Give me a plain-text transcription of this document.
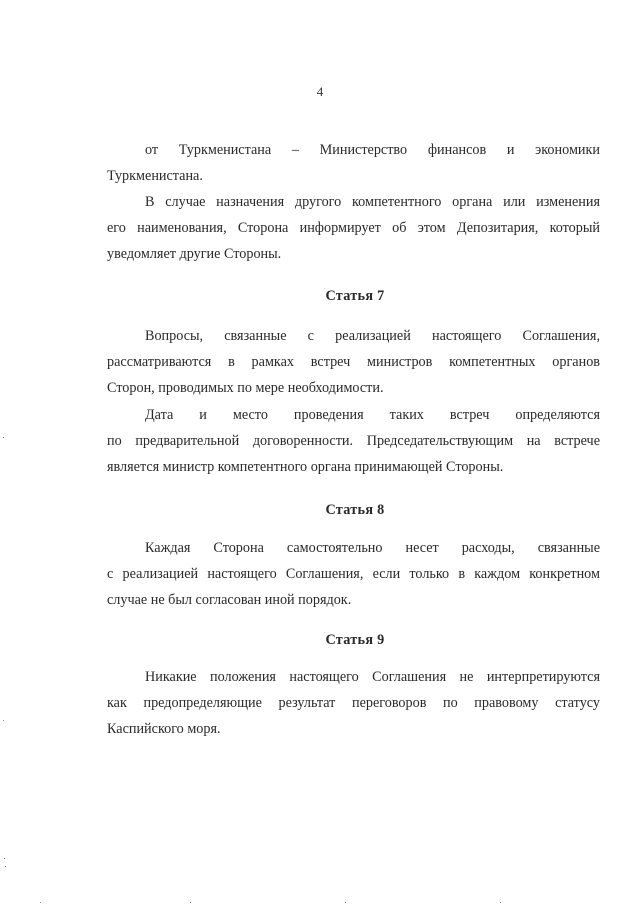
4
от Туркменистана – Министерство финансов и экономики
Туркменистана.
В случае назначения другого компетентного органа или изменения
его наименования, Сторона информирует об этом Депозитария, который
уведомляет другие Стороны.
Статья 7
Вопросы, связанные с реализацией настоящего Соглашения,
рассматриваются в рамках встреч министров компетентных органов
Сторон, проводимых по мере необходимости.
Дата и место проведения таких встреч определяются
по предварительной договоренности. Председательствующим на встрече
является министр компетентного органа принимающей Стороны.
Статья 8
Каждая Сторона самостоятельно несет расходы, связанные
с реализацией настоящего Соглашения, если только в каждом конкретном
случае не был согласован иной порядок.
Статья 9
Никакие положения настоящего Соглашения не интерпретируются
как предопределяющие результат переговоров по правовому статусу
Каспийского моря.
